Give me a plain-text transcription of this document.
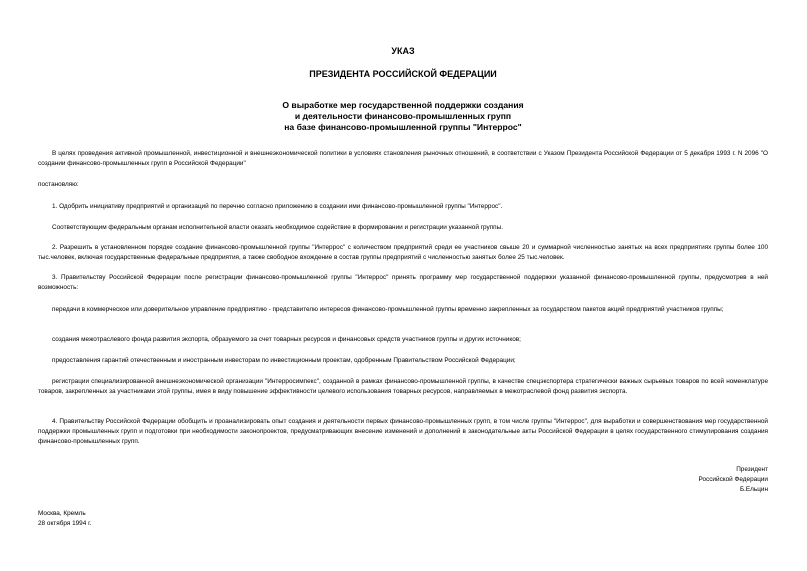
УКАЗ

ПРЕЗИДЕНТА РОССИЙСКОЙ ФЕДЕРАЦИИ

О выработке мер государственной поддержки создания
и деятельности финансово-промышленных групп
на базе финансово-промышленной группы "Интеррос"

В целях проведения активной промышленной, инвестиционной и внешнеэкономической политики в условиях становления рыночных отношений, в соответствии с Указом Президента Российской Федерации от 5 декабря 1993 г. N 2096 "О создании финансово-промышленных групп в Российской Федерации"

постановляю:

1. Одобрить инициативу предприятий и организаций по перечню согласно приложению в создании ими финансово-промышленной группы "Интеррос".

Соответствующим федеральным органам исполнительной власти оказать необходимое содействие в формировании и регистрации указанной группы.

2. Разрешить в установленном порядке создание финансово-промышленной группы "Интеррос" с количеством предприятий среди ее участников свыше 20 и суммарной численностью занятых на всех предприятиях группы более 100 тыс.человек, включая государственные федеральные предприятия, а также свободное вхождение в состав группы предприятий с численностью занятых более 25 тыс.человек.

3. Правительству Российской Федерации после регистрации финансово-промышленной группы "Интеррос" принять программу мер государственной поддержки указанной финансово-промышленной группы, предусмотрев в ней возможность:

передачи в коммерческое или доверительное управление предприятию - представителю интересов финансово-промышленной группы временно закрепленных за государством пакетов акций предприятий участников группы;

создания межотраслевого фонда развития экспорта, образуемого за счет товарных ресурсов и финансовых средств участников группы и других источников;

предоставления гарантий отечественным и иностранным инвесторам по инвестиционным проектам, одобренным Правительством Российской Федерации;

регистрации специализированной внешнеэкономической организации "Интерросимпекс", созданной в рамках финансово-промышленной группы, в качестве спецэкспортера стратегически важных сырьевых товаров по всей номенклатуре товаров, закрепленных за участниками этой группы, имея в виду повышение эффективности целевого использования товарных ресурсов, направляемых в межотраслевой фонд развития экспорта.

4. Правительству Российской Федерации обобщить и проанализировать опыт создания и деятельности первых финансово-промышленных групп, в том числе группы "Интеррос", для выработки и совершенствования мер государственной поддержки промышленных групп и подготовки при необходимости законопроектов, предусматривающих внесение изменений и дополнений в законодательные акты Российской Федерации в целях государственного стимулирования создания финансово-промышленных групп.

Президент
Российской Федерации
Б.Ельцин
Москва, Кремль
28 октября 1994 г.
